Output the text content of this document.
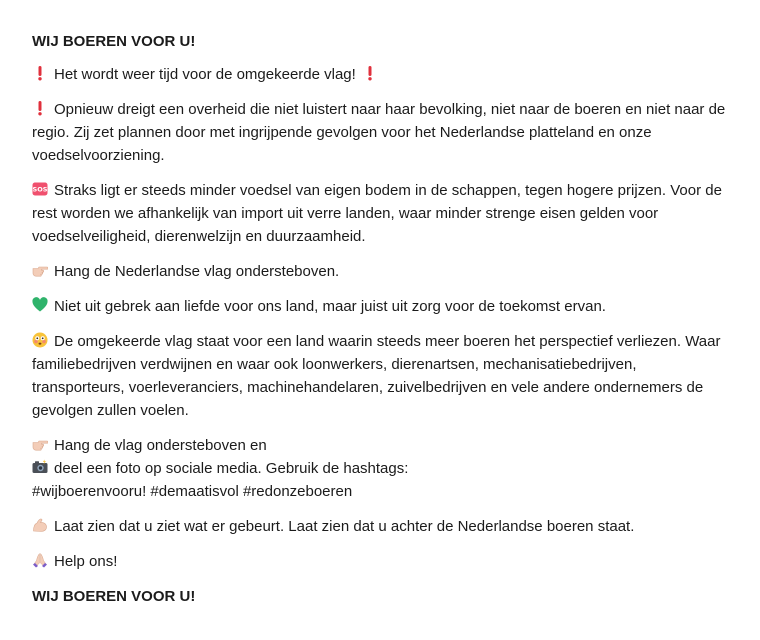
WIJ BOEREN VOOR U!
Het wordt weer tijd voor de omgekeerde vlag!
Opnieuw dreigt een overheid die niet luistert naar haar bevolking, niet naar de boeren en niet naar de regio. Zij zet plannen door met ingrijpende gevolgen voor het Nederlandse platteland en onze voedselvoorziening.
SOS Straks ligt er steeds minder voedsel van eigen bodem in de schappen, tegen hogere prijzen. Voor de rest worden we afhankelijk van import uit verre landen, waar minder strenge eisen gelden voor voedselveiligheid, dierenwelzijn en duurzaamheid.
Hang de Nederlandse vlag ondersteboven.
Niet uit gebrek aan liefde voor ons land, maar juist uit zorg voor de toekomst ervan.
De omgekeerde vlag staat voor een land waarin steeds meer boeren het perspectief verliezen. Waar familiebedrijven verdwijnen en waar ook loonwerkers, dierenartsen, mechanisatiebedrijven, transporteurs, voerleveranciers, machinehandelaren, zuivelbedrijven en vele andere ondernemers de gevolgen zullen voelen.
Hang de vlag ondersteboven en
deel een foto op sociale media. Gebruik de hashtags:
#wijboerenvooru! #demaatisvol #redonzeboeren
Laat zien dat u ziet wat er gebeurt. Laat zien dat u achter de Nederlandse boeren staat.
Help ons!
WIJ BOEREN VOOR U!
